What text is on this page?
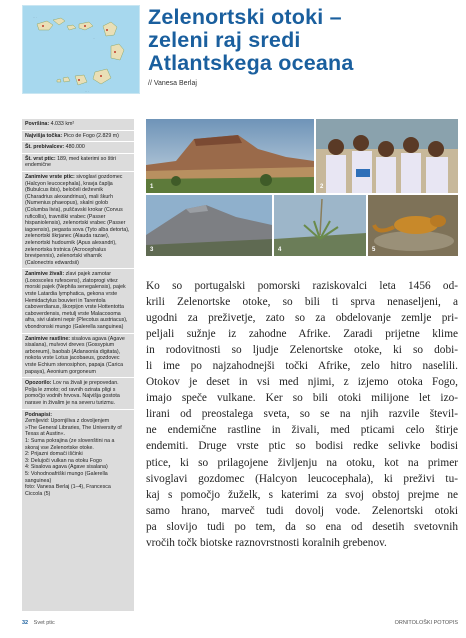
· · ·
· ·
· · ·
Zelenortski otoki –
zeleni raj sredi
Atlantskega oceana
// Vanesa Berlaj
Površina: 4.033 km²
Najvišja točka: Pico de Fogo (2.829 m)
Št. prebivalcev: 480.000
Št. vrst ptic: 189, med katerimi so štiri endemične
Zanimive vrste ptic: sivoglavi gozdomec (Halcyon leucocephala), kravja čaplja (Bubulcus ibis), beločeli deževnik (Charadrius alexandrinus), mali škurh (Numenius phaeopus), skalni golob (Columba livia), puščavski krokar (Corvus ruficollis), travniški vrabec (Passer hispaniolensis), zelenortski vrabec (Passer iagoensis), pegasta sova (Tyto alba detorta), zelenortski škrjanec (Alauda razae), zelenortski hudournik (Apus alexandri), zelenortska trstnica (Acrocephalus brevipennis), zelenortski viharnik (Calonectris edwardsii)
Zanimive živali: zlavi pajek zamotar (Loxosceles rufescens), zlatoprogi vitez morski pajek (Nephila senegalensis), pajek vrste Latardia lymphatica, gekona vrste Hemidactylus bouvieri in Tarentola caboverdianus, škorpijon vrste Hottentotta caboverdensis, metulj vrste Malacosoma afra, sivi ulateni nepir (Plecotus austriacus), vbondronski mungo (Galerella sanguinea)
Zanimive rastline: sisalova agava (Agave sisalana), mulvovi dreves (Gossypium arboreum), baobab (Adansonia digitata), nokota vrste Lotus jacobaeus, gozdovec vrste Echium stenosiphon, papaja (Carica papaya), Aeonium gorgoneum
Opozorilo: Lov na živali je prepovedan. Polja le zmoto; od ravnih ozirata pligi s pomočjo vodnih hrvova. Najvišja gostota narave in živalim je na severu turizmu.
Podnapisi:
Zemljevid: Upornjiliva z dovoljenjem
»The General Libraries, The University of
Texas at Austin«.
1: Suma pokrajina (ze slovenštini na a
skoraj vse Zelenortske otoke.
2: Prijazni domači iščinki
3: Delujoči vulkan na otoku Fogo
4: Sisalova agava (Agave sisalana)
5: Vohodnoafriški mungo (Galerella
sanguinea)
foto: Vanesa Berlaj (1–4), Francesca
Ciccola (5)
1	2
3	4	5
Ko so portugalski pomorski raziskovalci leta 1456 od-
krili Zelenortske otoke, so bili ti sprva nenaseljeni, a
ugodni za preživetje, zato so za obdelovanje zemlje pri-
peljali sužnje iz zahodne Afrike. Zaradi prijetne klime
in rodovitnosti so ljudje Zelenortske otoke, ki so dobi-
li ime po najzahodnejši točki Afrike, zelo hitro naselili.
Otokov je deset in vsi med njimi, z izjemo otoka Fogo,
imajo speče vulkane. Ker so bili otoki milijone let izo-
lirani od preostalega sveta, so se na njih razvile števil-
ne endemične rastline in živali, med pticami celo štirje
endemiti. Druge vrste ptic so bodisi redke selivke bodisi
ptice, ki so prilagojene življenju na otoku, kot na primer
sivoglavi gozdomec (Halcyon leucocephala), ki preživi tu-
kaj s pomočjo žuželk, s katerimi za svoj obstoj prejme ne
samo hrano, marveč tudi dovolj vode. Zelenortski otoki
pa slovijo tudi po tem, da so ena od desetih svetovnih
vročih točk biotske raznovrstnosti koralnih grebenov.
32 Svet ptic	ORNITOLOŠKI POTOPIS
